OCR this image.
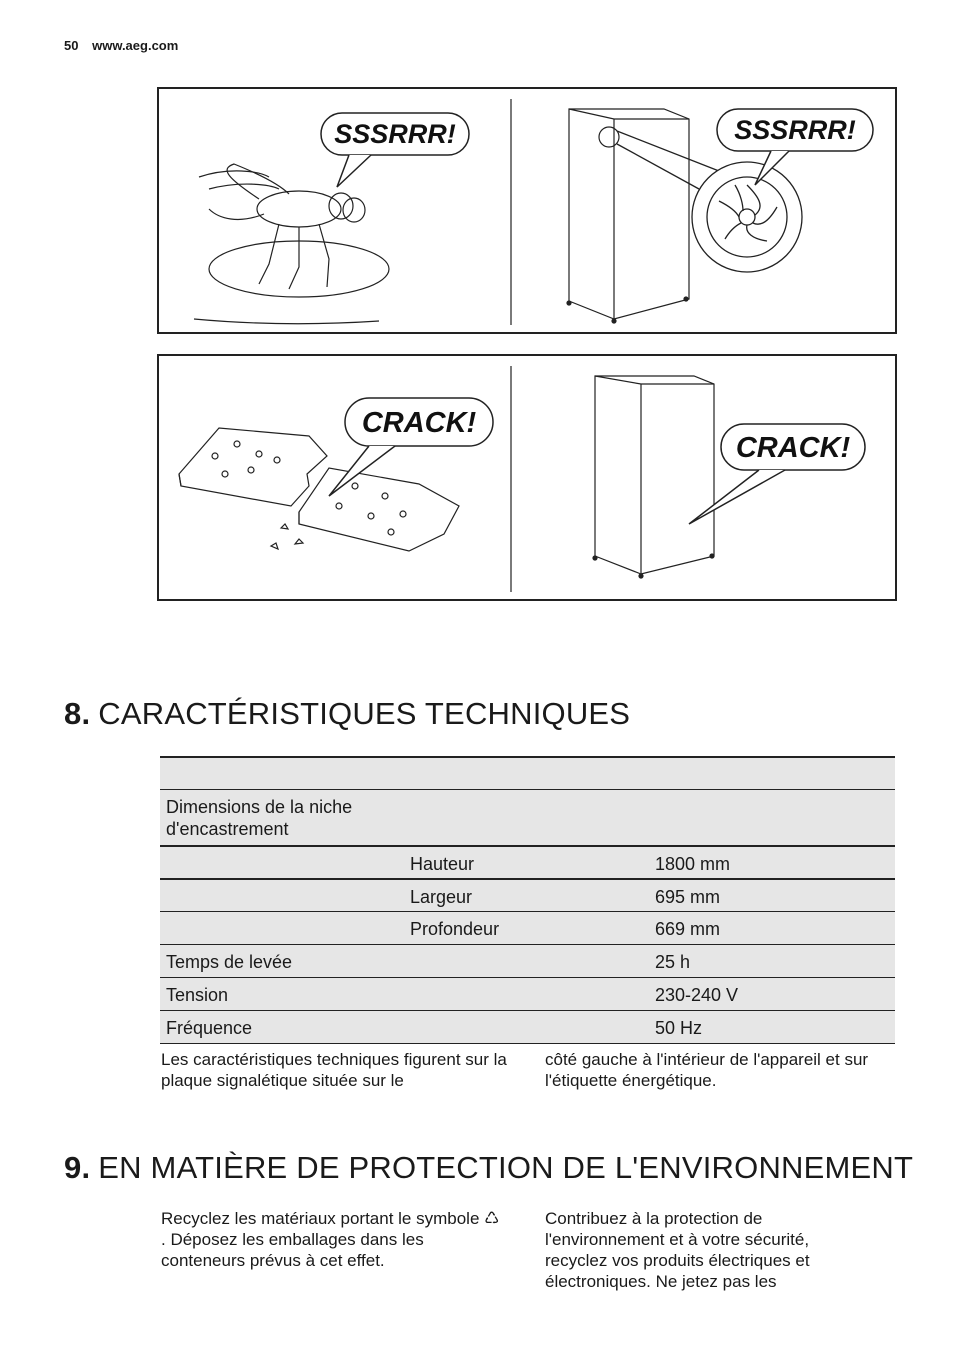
50 www.aeg.com
SSSRRR!	SSSRRR!
CRACK!
CRACK!
8. CARACTÉRISTIQUES TECHNIQUES
Dimensions de la niche d'encastrement
Hauteur	1800 mm
Largeur	695 mm
Profondeur	669 mm
Temps de levée	25 h
Tension	230-240 V
Fréquence	50 Hz
Les caractéristiques techniques figurent sur la plaque signalétique située sur le
côté gauche à l'intérieur de l'appareil et sur l'étiquette énergétique.
9. EN MATIÈRE DE PROTECTION DE L'ENVIRONNEMENT
Recyclez les matériaux portant le symbole ♺ . Déposez les emballages dans les conteneurs prévus à cet effet.
Contribuez à la protection de l'environnement et à votre sécurité, recyclez vos produits électriques et électroniques. Ne jetez pas les
